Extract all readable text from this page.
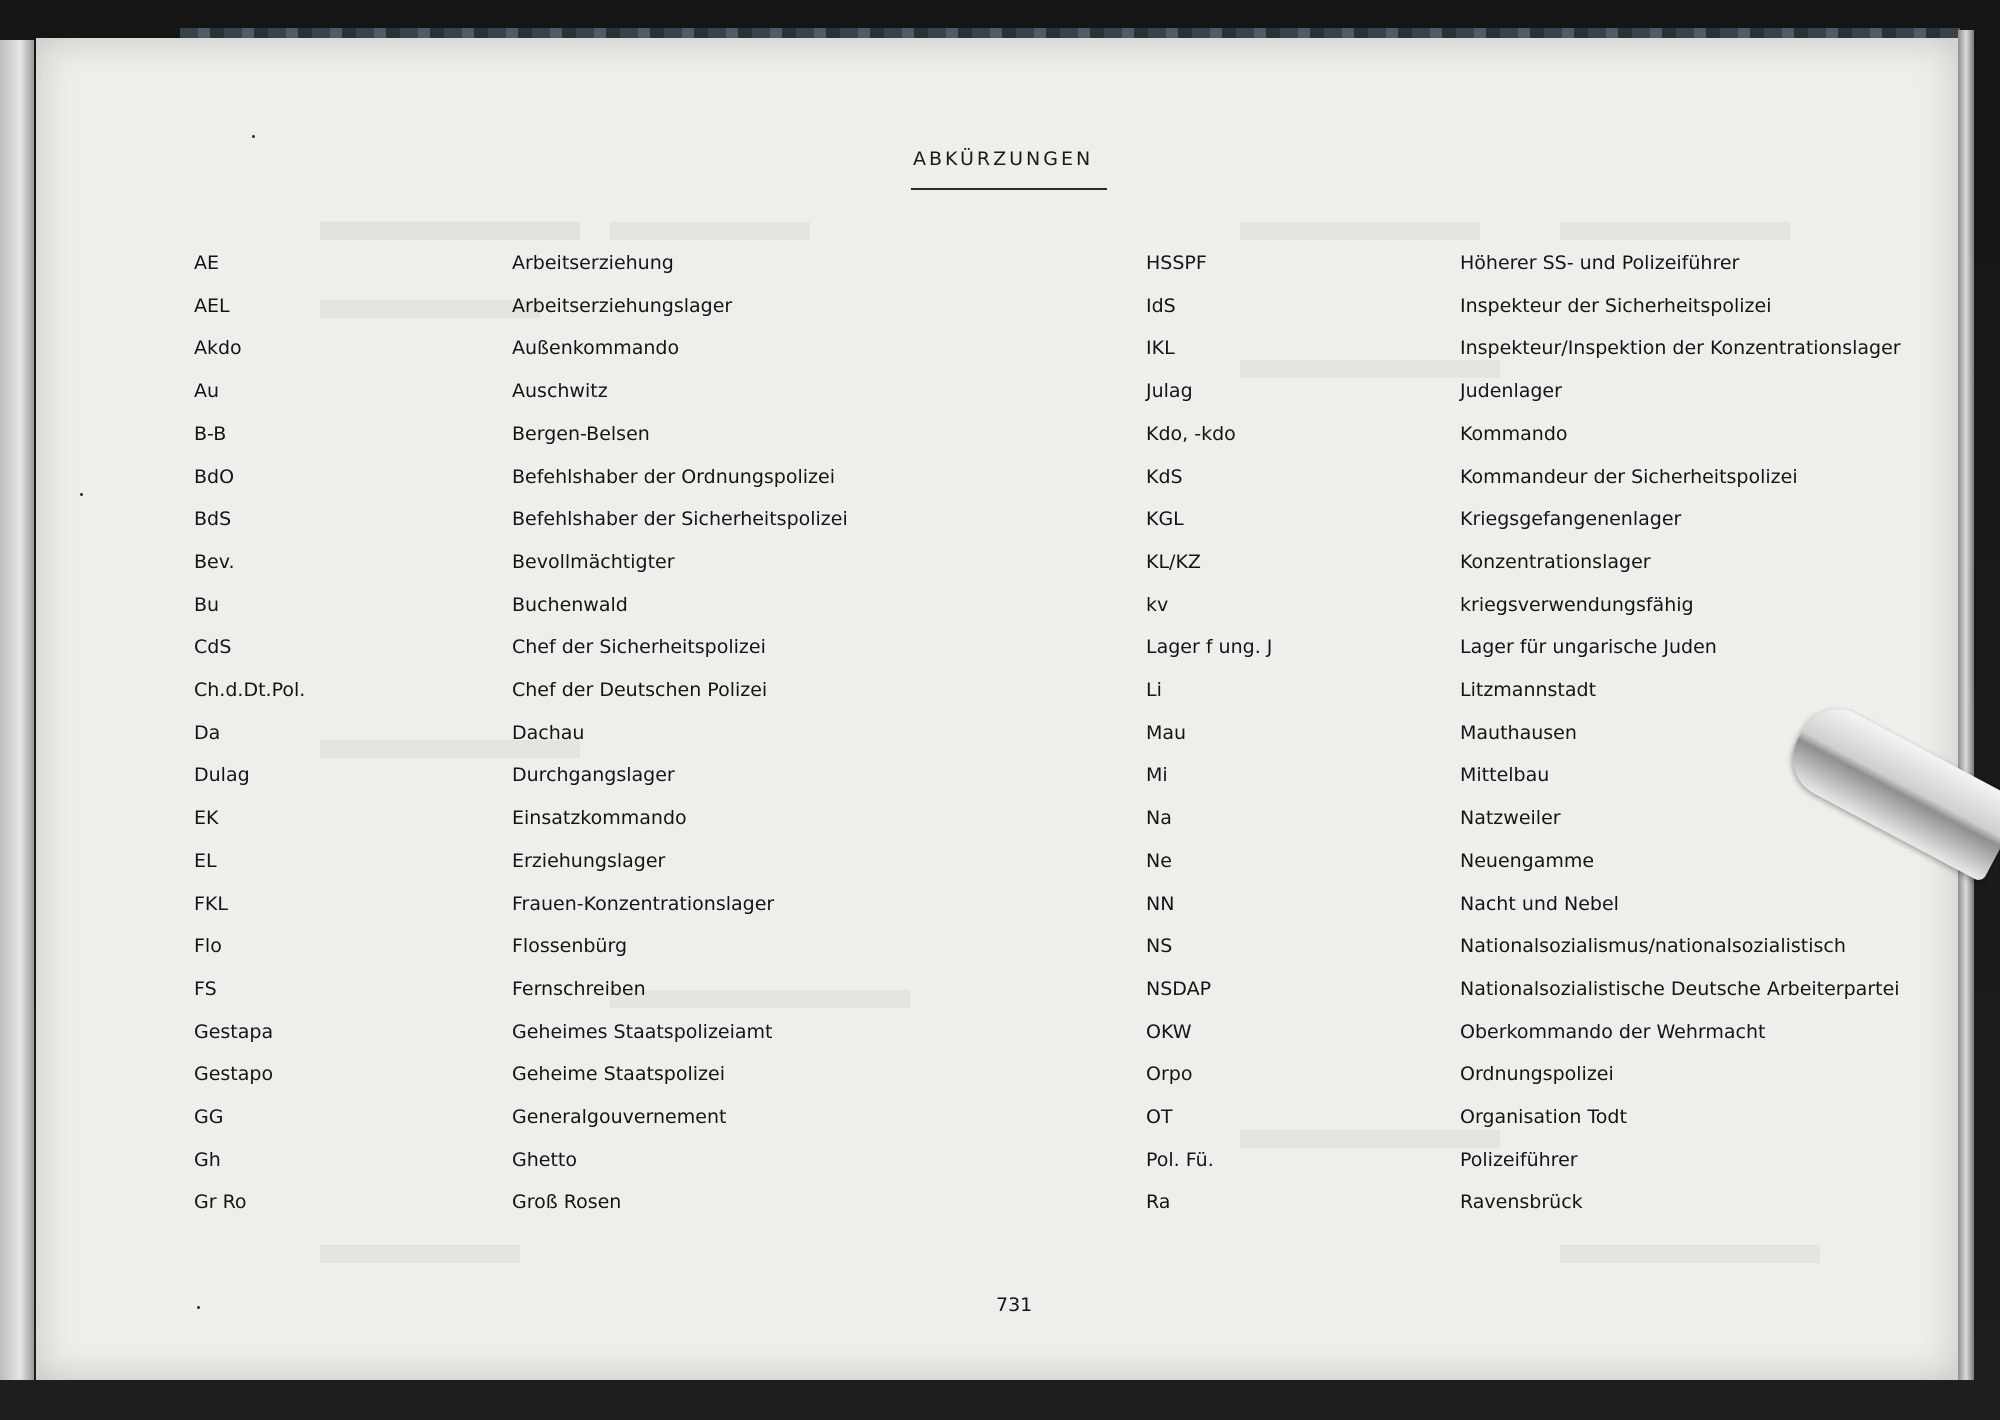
ABKÜRZUNGEN
AE	Arbeitserziehung
AEL	Arbeitserziehungslager
Akdo	Außenkommando
Au	Auschwitz
B-B	Bergen-Belsen
BdO	Befehlshaber der Ordnungspolizei
BdS	Befehlshaber der Sicherheitspolizei
Bev.	Bevollmächtigter
Bu	Buchenwald
CdS	Chef der Sicherheitspolizei
Ch.d.Dt.Pol.	Chef der Deutschen Polizei
Da	Dachau
Dulag	Durchgangslager
EK	Einsatzkommando
EL	Erziehungslager
FKL	Frauen-Konzentrationslager
Flo	Flossenbürg
FS	Fernschreiben
Gestapa	Geheimes Staatspolizeiamt
Gestapo	Geheime Staatspolizei
GG	Generalgouvernement
Gh	Ghetto
Gr Ro	Groß Rosen
HSSPF	Höherer SS- und Polizeiführer
IdS	Inspekteur der Sicherheitspolizei
IKL	Inspekteur/Inspektion der Konzentrationslager
Julag	Judenlager
Kdo, -kdo	Kommando
KdS	Kommandeur der Sicherheitspolizei
KGL	Kriegsgefangenenlager
KL/KZ	Konzentrationslager
kv	kriegsverwendungsfähig
Lager f ung. J	Lager für ungarische Juden
Li	Litzmannstadt
Mau	Mauthausen
Mi	Mittelbau
Na	Natzweiler
Ne	Neuengamme
NN	Nacht und Nebel
NS	Nationalsozialismus/nationalsozialistisch
NSDAP	Nationalsozialistische Deutsche Arbeiterpartei
OKW	Oberkommando der Wehrmacht
Orpo	Ordnungspolizei
OT	Organisation Todt
Pol. Fü.	Polizeiführer
Ra	Ravensbrück
731
